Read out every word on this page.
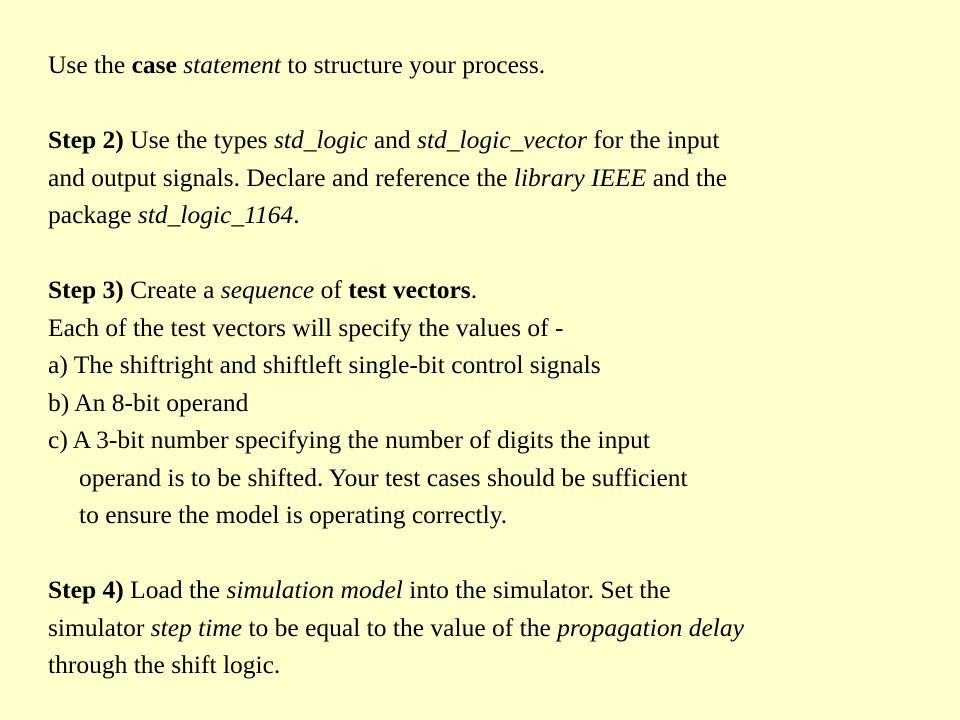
Use the case statement to structure your process.
Step 2) Use the types std_logic and std_logic_vector for the input
and output signals. Declare and reference the library IEEE and the
package std_logic_1164.
Step 3) Create a sequence of test vectors.
Each of the test vectors will specify the values of -
a) The shiftright and shiftleft single-bit control signals
b) An 8-bit operand
c) A 3-bit number specifying the number of digits the input
operand is to be shifted. Your test cases should be sufficient
to ensure the model is operating correctly.
Step 4) Load the simulation model into the simulator. Set the
simulator step time to be equal to the value of the propagation delay
through the shift logic.
